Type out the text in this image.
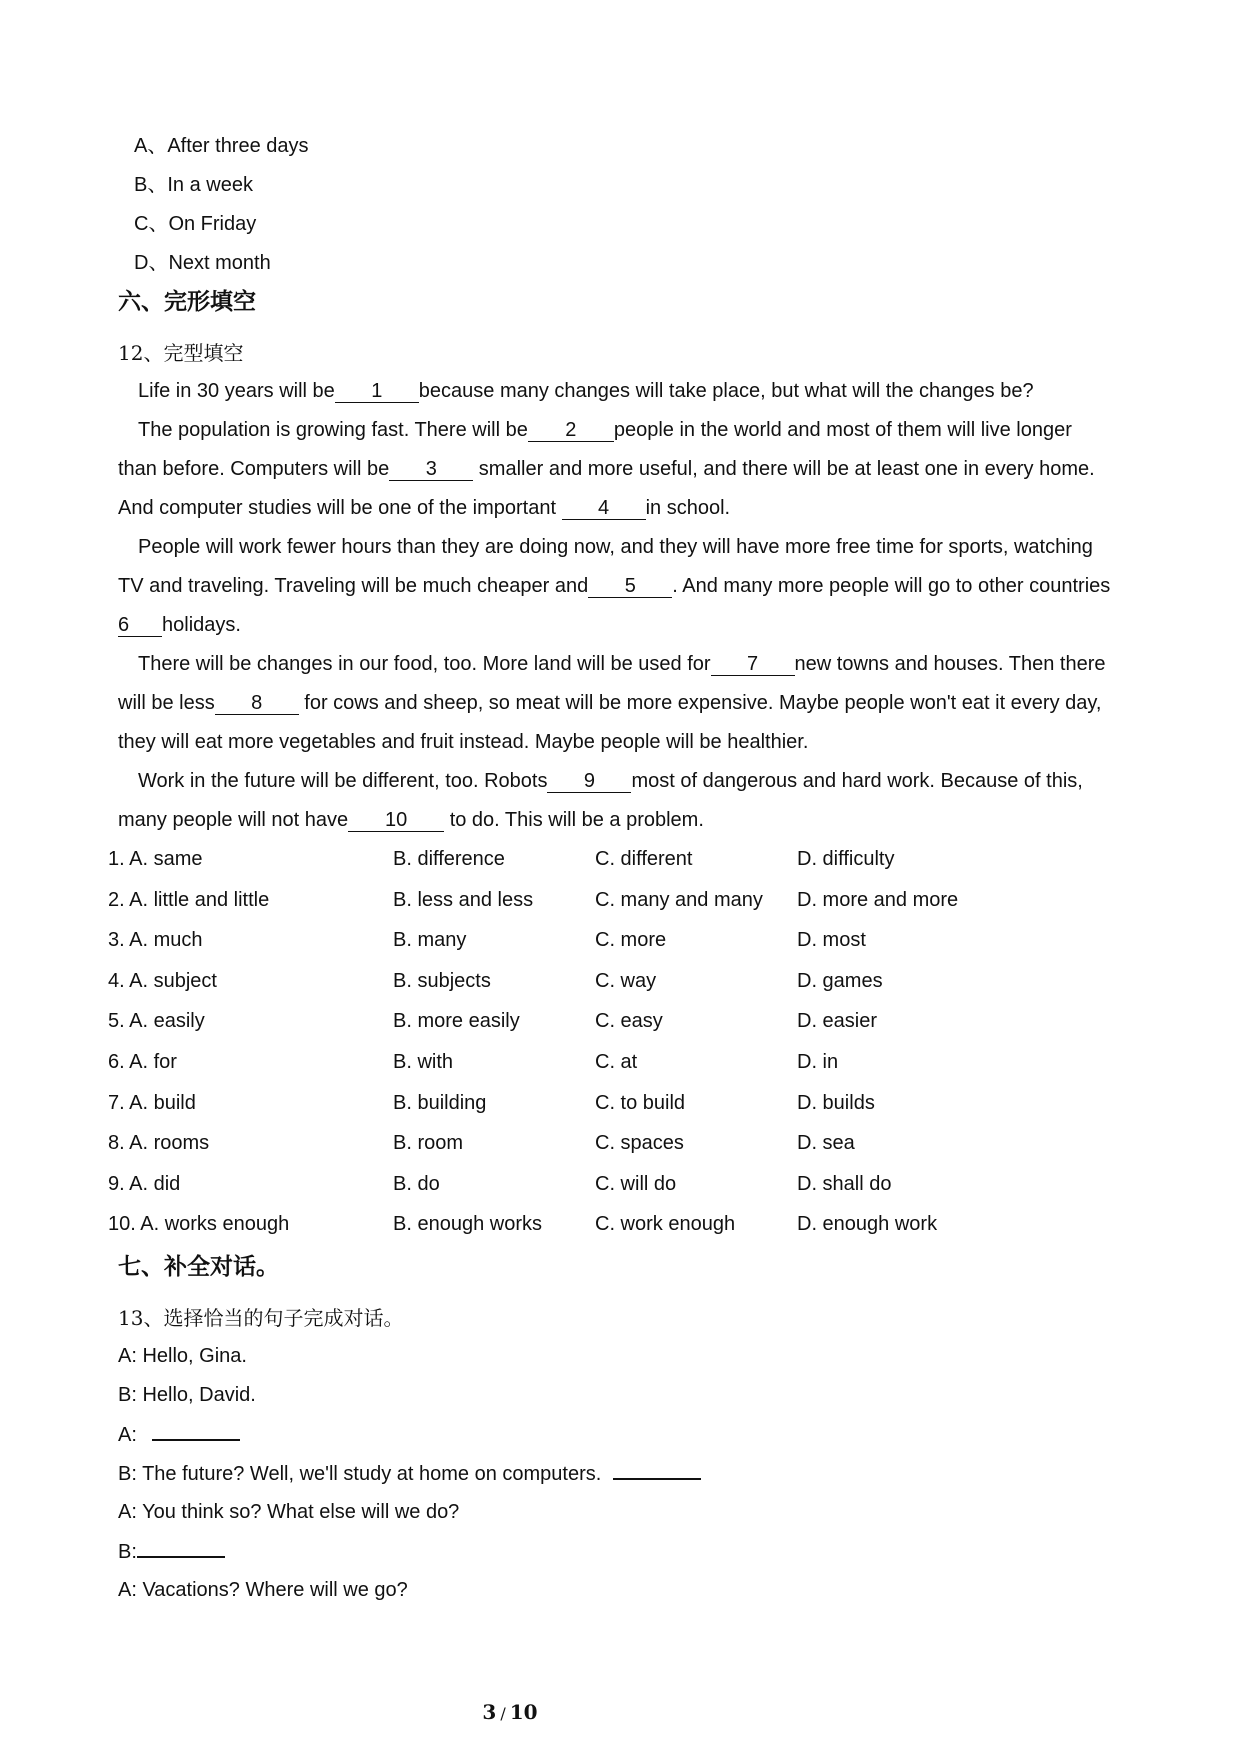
A、After three days
B、In a week
C、On Friday
D、Next month
六、完形填空
12、完型填空
Life in 30 years will be 1 because many changes will take place, but what will the changes be?
The population is growing fast. There will be 2 people in the world and most of them will live longer
than before. Computers will be 3 smaller and more useful, and there will be at least one in every home.
And computer studies will be one of the important 4 in school.
People will work fewer hours than they are doing now, and they will have more free time for sports, watching
TV and traveling. Traveling will be much cheaper and 5 . And many more people will go to other countries
6 holidays.
There will be changes in our food, too. More land will be used for 7 new towns and houses. Then there
will be less 8 for cows and sheep, so meat will be more expensive. Maybe people won't eat it every day,
they will eat more vegetables and fruit instead. Maybe people will be healthier.
Work in the future will be different, too. Robots 9 most of dangerous and hard work. Because of this,
many people will not have 10 to do. This will be a problem.
1. A. same	B. difference	C. different	D. difficulty
2. A. little and little	B. less and less	C. many and many D. more and more
3. A. much	B. many	C. more	D. most
4. A. subject	B. subjects	C. way	D. games
5. A. easily	B. more easily	C. easy	D. easier
6. A. for	B. with	C. at	D. in
7. A. build	B. building	C. to build	D. builds
8. A. rooms	B. room	C. spaces	D. sea
9. A. did	B. do	C. will do	D. shall do
10. A. works enough	B. enough works	C. work enough	D. enough work
七、补全对话。
13、选择恰当的句子完成对话。
A: Hello, Gina.
B: Hello, David.
A:
B: The future? Well, we'll study at home on computers.
A: You think so? What else will we do?
B:
A: Vacations? Where will we go?
3 / 10
